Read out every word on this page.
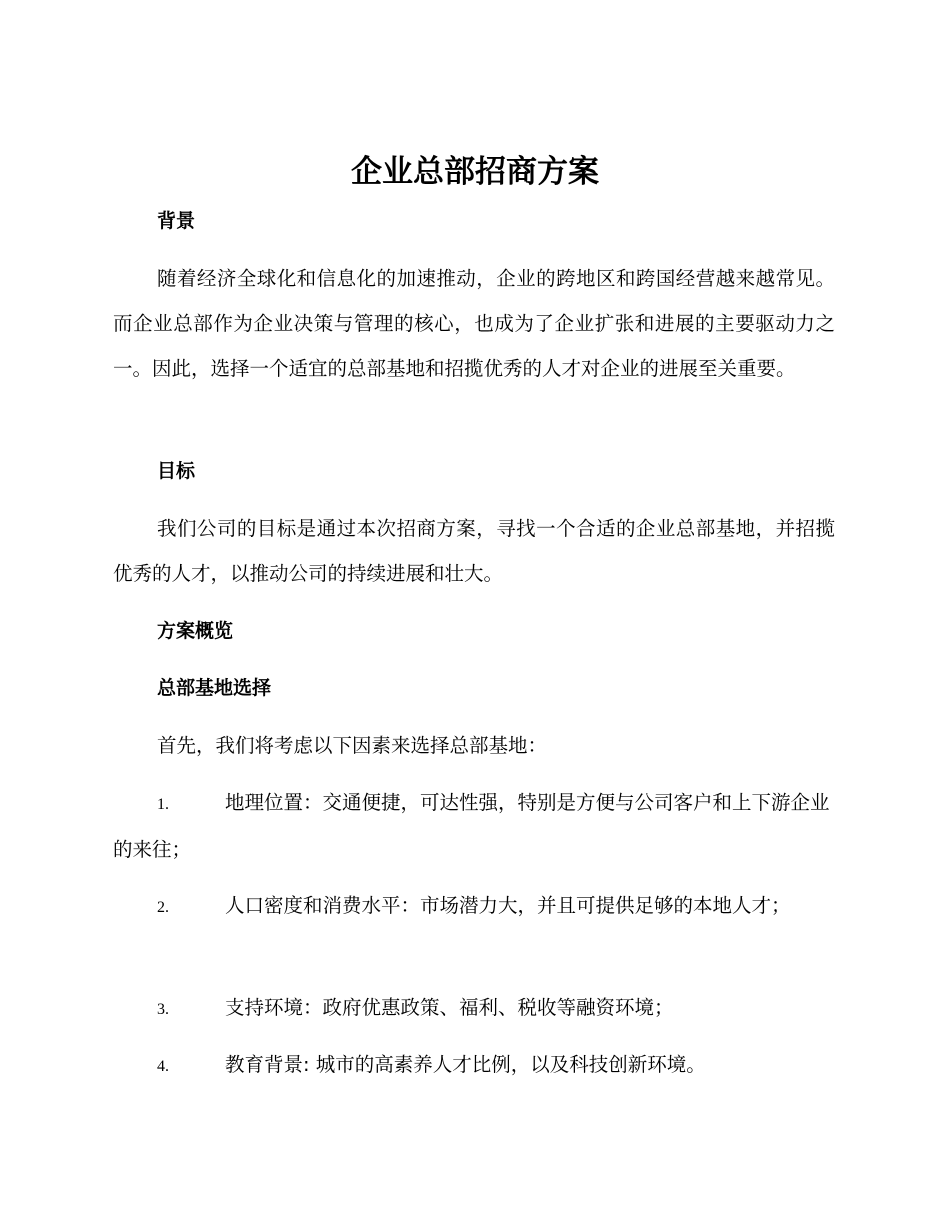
企业总部招商方案
背景

随着经济全球化和信息化的加速推动，企业的跨地区和跨国经营越来越常见。而企业总部作为企业决策与管理的核心，也成为了企业扩张和进展的主要驱动力之一。因此，选择一个适宜的总部基地和招揽优秀的人才对企业的进展至关重要。

目标

我们公司的目标是通过本次招商方案，寻找一个合适的企业总部基地，并招揽优秀的人才，以推动公司的持续进展和壮大。

方案概览
总部基地选择

首先，我们将考虑以下因素来选择总部基地：

1.	地理位置：交通便捷，可达性强，特别是方便与公司客户和上下游企业的来往；
2.	人口密度和消费水平：市场潜力大，并且可提供足够的本地人才；
3.	支持环境：政府优惠政策、福利、税收等融资环境；
4.	教育背景: 城市的高素养人才比例，以及科技创新环境。
